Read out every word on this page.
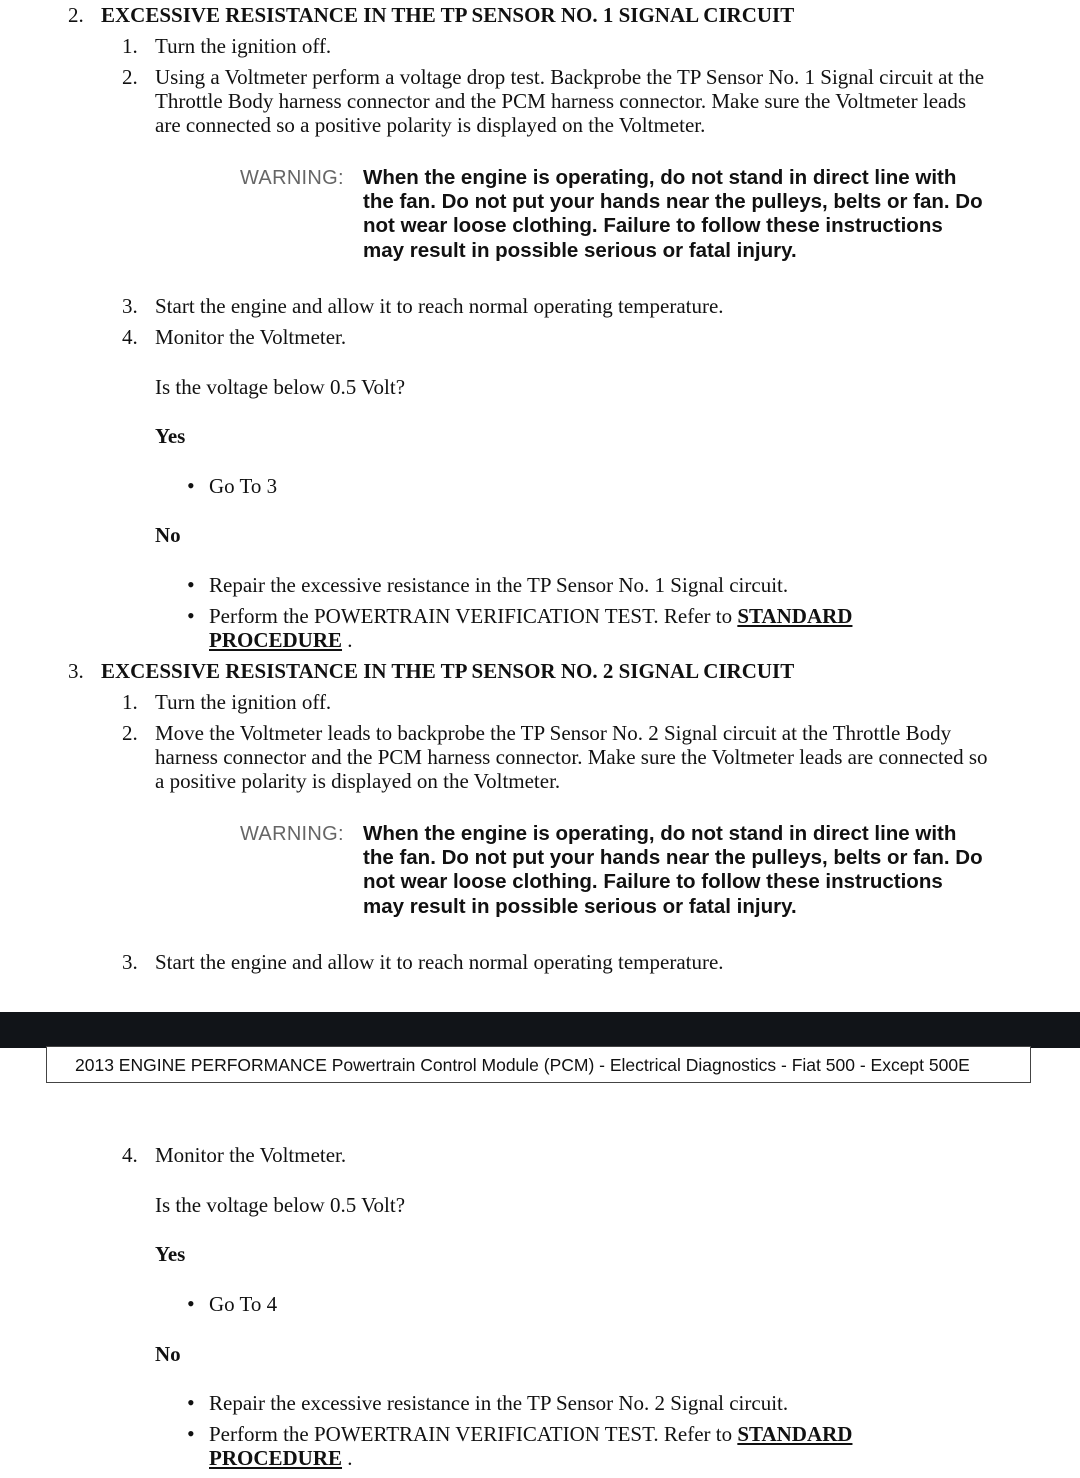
2. EXCESSIVE RESISTANCE IN THE TP SENSOR NO. 1 SIGNAL CIRCUIT
1. Turn the ignition off.
2. Using a Voltmeter perform a voltage drop test. Backprobe the TP Sensor No. 1 Signal circuit at the
Throttle Body harness connector and the PCM harness connector. Make sure the Voltmeter leads
are connected so a positive polarity is displayed on the Voltmeter.
WARNING: When the engine is operating, do not stand in direct line with
the fan. Do not put your hands near the pulleys, belts or fan. Do
not wear loose clothing. Failure to follow these instructions
may result in possible serious or fatal injury.
3. Start the engine and allow it to reach normal operating temperature.
4. Monitor the Voltmeter.
Is the voltage below 0.5 Volt?
Yes
• Go To 3
No
• Repair the excessive resistance in the TP Sensor No. 1 Signal circuit.
• Perform the POWERTRAIN VERIFICATION TEST. Refer to STANDARD
PROCEDURE .
3. EXCESSIVE RESISTANCE IN THE TP SENSOR NO. 2 SIGNAL CIRCUIT
1. Turn the ignition off.
2. Move the Voltmeter leads to backprobe the TP Sensor No. 2 Signal circuit at the Throttle Body
harness connector and the PCM harness connector. Make sure the Voltmeter leads are connected so
a positive polarity is displayed on the Voltmeter.
WARNING: When the engine is operating, do not stand in direct line with
the fan. Do not put your hands near the pulleys, belts or fan. Do
not wear loose clothing. Failure to follow these instructions
may result in possible serious or fatal injury.
3. Start the engine and allow it to reach normal operating temperature.
2013 ENGINE PERFORMANCE Powertrain Control Module (PCM) - Electrical Diagnostics - Fiat 500 - Except 500E
4. Monitor the Voltmeter.
Is the voltage below 0.5 Volt?
Yes
• Go To 4
No
• Repair the excessive resistance in the TP Sensor No. 2 Signal circuit.
• Perform the POWERTRAIN VERIFICATION TEST. Refer to STANDARD
PROCEDURE .
